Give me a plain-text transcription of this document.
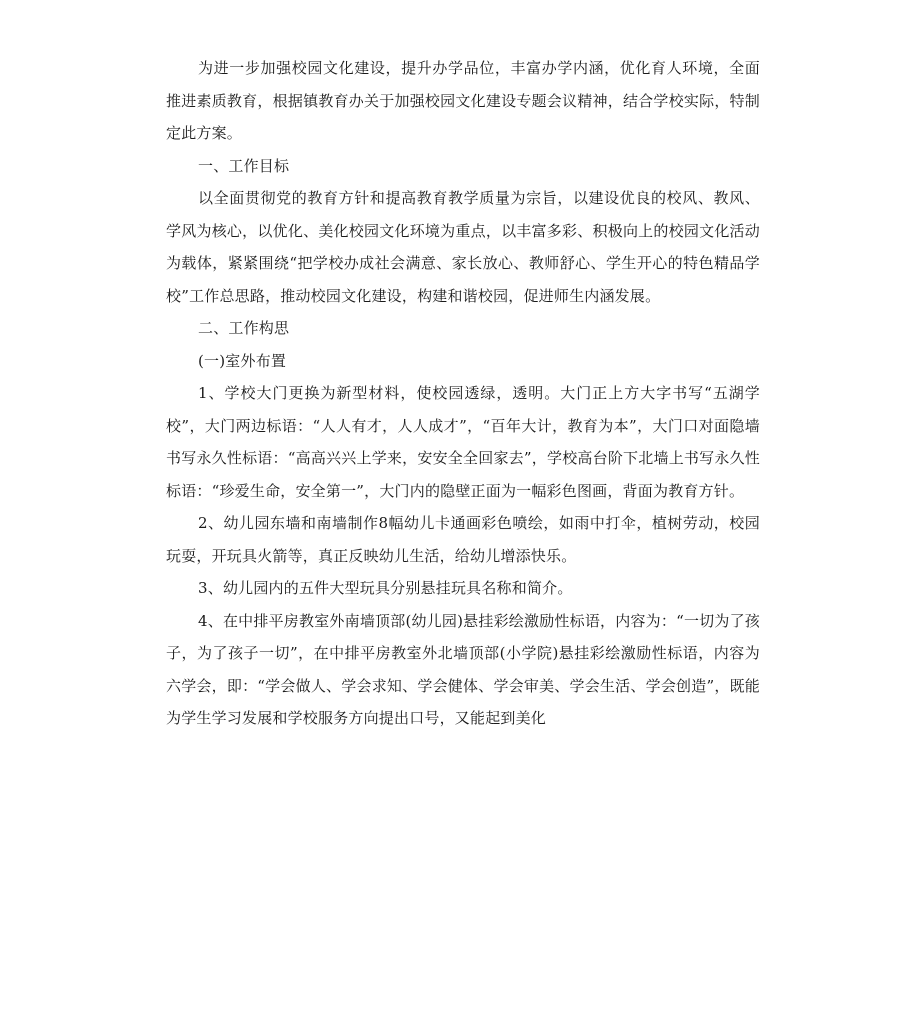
为进一步加强校园文化建设，提升办学品位，丰富办学内涵，优化育人环境，全面推进素质教育，根据镇教育办关于加强校园文化建设专题会议精神，结合学校实际，特制定此方案。

一、工作目标

以全面贯彻党的教育方针和提高教育教学质量为宗旨，以建设优良的校风、教风、学风为核心，以优化、美化校园文化环境为重点，以丰富多彩、积极向上的校园文化活动为载体，紧紧围绕“把学校办成社会满意、家长放心、教师舒心、学生开心的特色精品学校”工作总思路，推动校园文化建设，构建和谐校园，促进师生内涵发展。

二、工作构思

(一)室外布置

1、学校大门更换为新型材料，使校园透绿，透明。大门正上方大字书写“五湖学校”，大门两边标语：“人人有才，人人成才”，“百年大计，教育为本”，大门口对面隐墙书写永久性标语：“高高兴兴上学来，安安全全回家去”，学校高台阶下北墙上书写永久性标语：“珍爱生命，安全第一”，大门内的隐壁正面为一幅彩色图画，背面为教育方针。

2、幼儿园东墙和南墙制作8幅幼儿卡通画彩色喷绘，如雨中打伞，植树劳动，校园玩耍，开玩具火箭等，真正反映幼儿生活，给幼儿增添快乐。

3、幼儿园内的五件大型玩具分别悬挂玩具名称和简介。

4、在中排平房教室外南墙顶部(幼儿园)悬挂彩绘激励性标语，内容为：“一切为了孩子，为了孩子一切”，在中排平房教室外北墙顶部(小学院)悬挂彩绘激励性标语，内容为六学会，即：“学会做人、学会求知、学会健体、学会审美、学会生活、学会创造”，既能为学生学习发展和学校服务方向提出口号，又能起到美化
